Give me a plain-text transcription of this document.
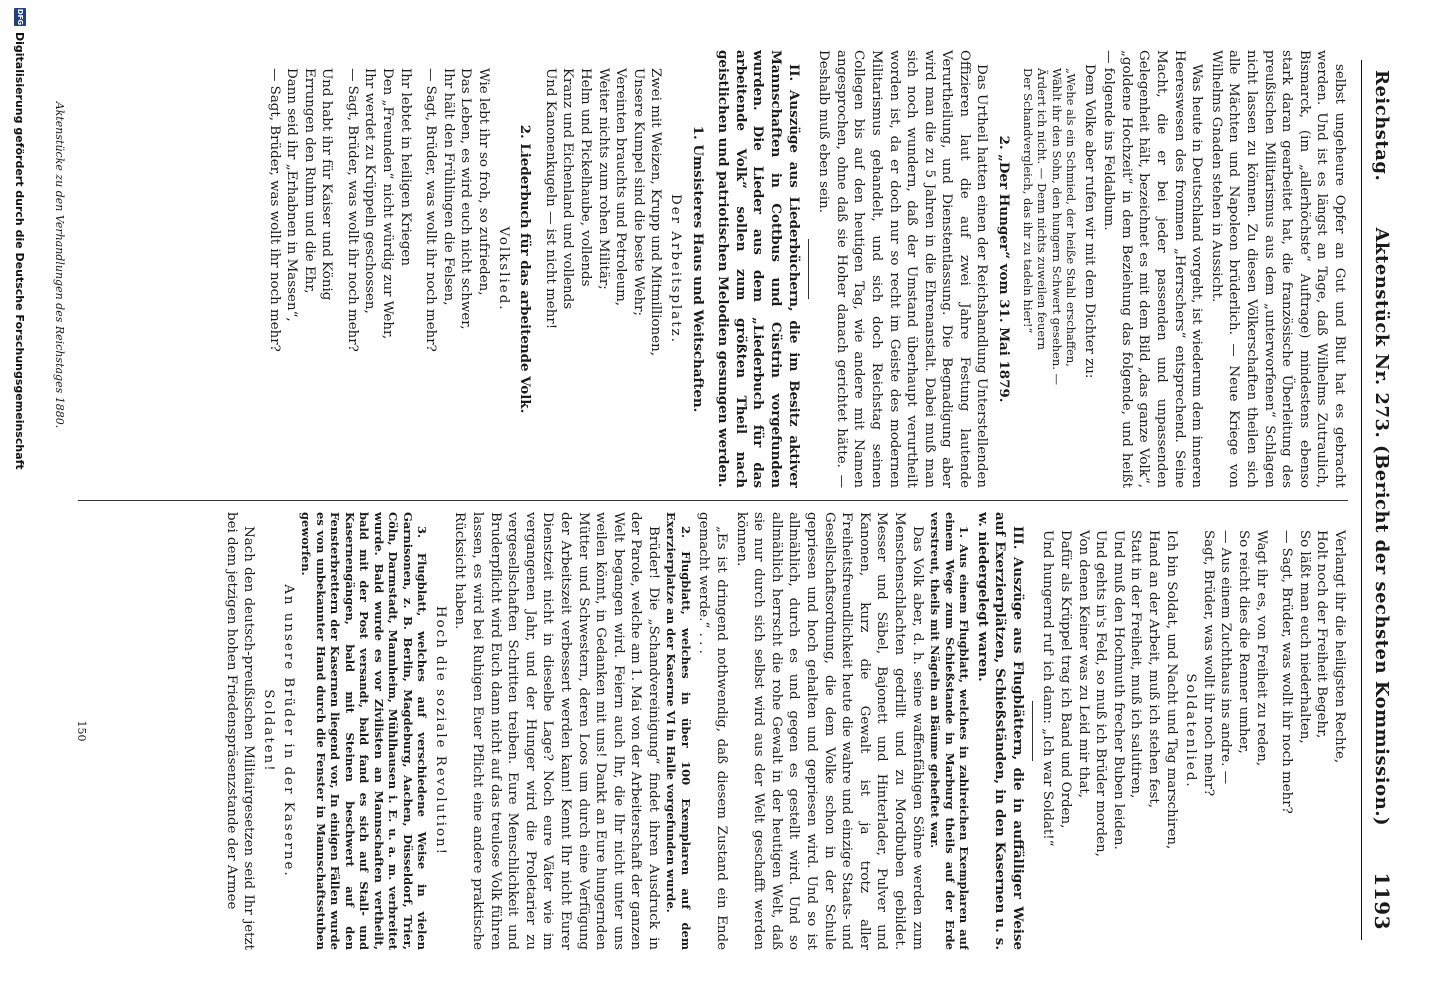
Reichstag.
Aktenstück Nr. 273. (Bericht der sechsten Kommission.)
1193

selbst ungeheure Opfer an Gut und Blut hat es gebracht werden. Und ist es längst an Tage, daß Wilhelms Zutraulich, Bismarck, (im „allerhöchste“ Auftrage) mindestens ebenso stark daran gearbeitet hat, die französische Überleitung des preußischen Militarismus aus dem „unterworfenen“ Schlagen nicht lassen zu können. Zu diesen Völkerschaften theilen sich alle Mächten und Napoleon brüderlich. — Neue Kriege von Wilhelms Gnaden stehen in Aussicht.

Was heute in Deutschland vorgeht, ist wiederum dem inneren Heereswesen des frommen „Herrschers“ entsprechend. Seine Macht, die er bei jeder passenden und unpassenden Gelegenheit hält, bezeichnet es mit dem Bild „das ganze Volk“, „goldene Hochzeit“ in dem Beziehung das folgende, und heißt — folgende ins Feldalbum.

Dem Volke aber rufen wir mit dem Dichter zu:

„Wehe als ein Schmied, der heiße Stahl erschaffen,

Wählt ihr den Sohn, den hungern Schwert gesehen. —

Ärdert ich nicht. — Denn nichts zuweilen feuern

Der Schandvergleich, das ihr zu tadeln hier!“

2. „Der Hunger“ vom 31. Mai 1879.

Das Urtheil hatten einen der Reichshandlung Unterstellenden Offizieren laut die auf zwei Jahre Festung lautende Verurtheilung, und Dienstentlassung. Die Begnadigung aber wird man die zu 5 Jahren in die Ehrenanstalt. Dabei muß man sich noch wundern, daß der Umstand überhaupt verurtheilt worden ist, da er doch nur so recht im Geiste des modernen Militarismus gehandelt, und sich doch Reichstag seinen Collegen bis auf den heutigen Tag, wie andere mit Namen angesprochen, ohne daß sie Hoher danach gerichtet hätte. — Deshalb muß eben sein.

II. Auszüge aus Liederbüchern, die im Besitz aktiver Mannschaften in Cottbus und Cüstrin vorgefunden wurden. Die Lieder aus dem „Liederbuch für das arbeitende Volk“ sollen zum größten Theil nach geistlichen und patriotischen Melodien gesungen werden.

1. Umsisteres Haus und Weitschaften.

Der Arbeitsplatz.

Zwei mit Weizen, Krupp und Mitmillionen,

Unsere Kumpel sind die beste Wehr;

Vereinten brauchts und Petroleum,

Weiter nichts zum rohen Militär;

Helm und Pickelhaube, vollends

Kranz und Eichenland und vollends

Und Kanonenkugeln — ist nicht mehr!

2. Liederbuch für das arbeitende Volk.

Volkslied.

Wie lebt ihr so froh, so zufrieden,

Das Leben, es wird euch nicht schwer,

Ihr hält den Frühlingen die Felsen,

— Sagt, Brüder, was wollt ihr noch mehr?

Ihr lebtet in heiligen Kriegen

Den „Freunden“ nicht würdig zur Wehr,

Ihr werdet zu Krüppeln geschossen,

— Sagt, Brüder, was wollt ihr noch mehr?

Und habt ihr für Kaiser und König

Errungen den Ruhm und die Ehr,

Dann seid ihr „Erhabnen in Massen“,

— Sagt, Brüder, was wollt ihr noch mehr?

Verlangt ihr die heiligsten Rechte,

Holt noch der Freiheit Begehr,

So läßt man euch niederhalten,

— Sagt, Brüder, was wollt ihr noch mehr?

Wagt ihr es, von Freiheit zu reden,

So reicht dies die Renner umher,

— Aus einem Zuchthaus ins andre. —

Sagt, Brüder, was wollt ihr noch mehr?

Soldatenlied.

Ich bin Soldat, und Nacht und Tag marschiren,

Hand an der Arbeit, muß ich stehen fest,

Statt in der Freiheit, muß ich salutiren,

Und muß den Hochmuth frecher Buben leiden.

Und gehts in's Feld, so muß ich Brüder morden,

Von denen Keiner was zu Leid mir that,

Dafür als Krüppel trag ich Band und Orden,

Und hungernd ruf' ich dann: „Ich war Soldat!“

III. Auszüge aus Flugblättern, die in auffälliger Weise auf Exerzierplätzen, Schießständen, in den Kasernen u. s. w. niedergelegt waren.

1. Aus einem Flugblatt, welches in zahlreichen Exemplaren auf einem Wege zum Schießstande in Marburg theils auf der Erde verstreut, theils mit Nägeln an Bäume geheftet war.

Das Volk aber, d. h. seine waffenfähigen Söhne werden zum Menschenschlachten gedrillt und zu Mordbuben gebildet. Messer und Säbel, Bajonett und Hinterlader, Pulver und Kanonen, kurz die Gewalt ist ja trotz aller Freiheitsfreundlichkeit heute die wahre und einzige Staats- und Gesellschaftsordnung, die dem Volke schon in der Schule gepriesen und hoch gehalten und gepriesen wird. Und so ist allmählich, durch es und gegen es gestellt wird. Und so allmählich herrscht die rohe Gewalt in der heutigen Welt, daß sie nur durch sich selbst wird aus der Welt geschafft werden können.

„Es ist dringend nothwendig, daß diesem Zustand ein Ende gemacht werde.“ . . .

2. Flugblatt, welches in über 100 Exemplaren auf dem Exerzierplatze an der Kaserne VI in Halle vorgefunden wurde.

Brüder! Die „Schandvereinigung“ findet ihren Ausdruck in der Parole, welche am 1. Mai von der Arbeiterschaft der ganzen Welt begangen wird. Feiern auch Ihr, die Ihr nicht unter uns weilen könnt, in Gedanken mit uns! Dankt an Eure hungernden Mütter und Schwestern, deren Loos um durch eine Verfügung der Arbeitszeit verbessert werden kann! Kennt Ihr nicht Eurer Dienstzeit nicht in dieselbe Lage? Noch eure Väter wie im vergangenen Jahr, und der Hunger wird die Proletarier zu vergesellschaften Schritten treiben. Eure Menschlichkeit und Bruderpflicht wird Euch dann nicht auf das treulose Volk führen lassen, es wird bei Ruhigen Euer Pflicht eine andere praktische Rücksicht haben.

Hoch die soziale Revolution!

3. Flugblatt, welches auf verschiedene Weise in vielen Garnisonen, z. B. Berlin, Magdeburg, Aachen, Düsseldorf, Trier, Cöln, Darmstadt, Mannheim, Mühlhausen i. E. u. a. m. verbreitet wurde. Bald wurde es vor Zivilisten an Mannschaften vertheilt, bald mit der Post versandt, bald fand es sich auf Stall- und Kasernengängen, bald mit Steinen beschwert auf den Fensterbrettern der Kasernen liegend vor, In einigen Fällen wurde es von unbekannter Hand durch die Fenster in Mannschaftsstuben geworfen.

An unsere Brüder in der Kaserne.

Soldaten!

Nach den deutsch-preußischen Militairgesetzen seid Ihr jetzt bei dem jetzigen hohen Friedenspräsenzstande der Armee

150
Aktenstücke zu den Verhandlungen des Reichstages 1880.
DFG
Digitalisierung gefördert durch die Deutsche Forschungsgemeinschaft
